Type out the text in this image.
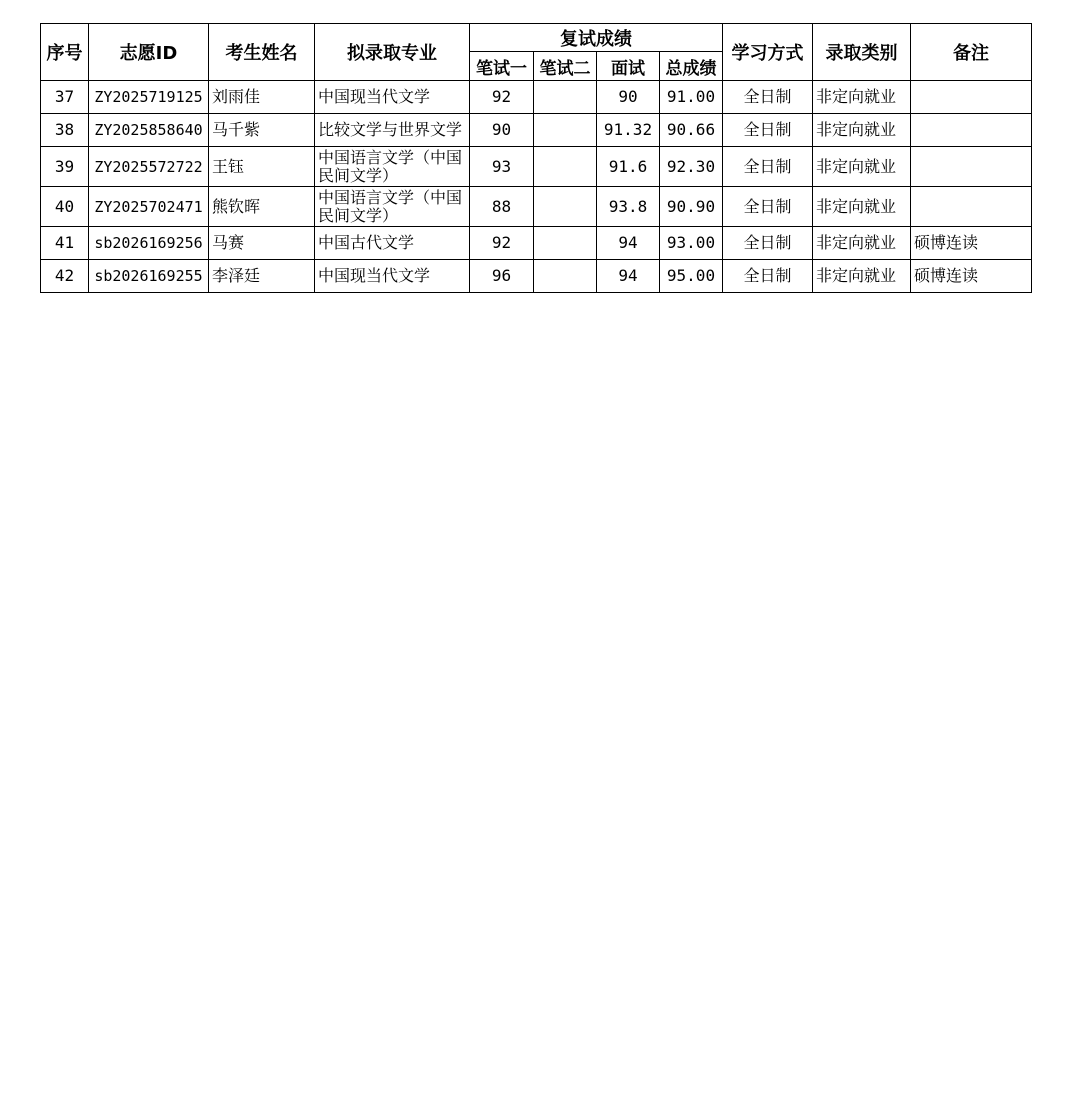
序号	志愿ID	考生姓名	拟录取专业	复试成绩				学习方式	录取类别	备注
				笔试一	笔试二	面试	总成绩			
37	ZY2025719125	刘雨佳	中国现当代文学	92		90	91.00	全日制	非定向就业	
38	ZY2025858640	马千紫	比较文学与世界文学	90		91.32	90.66	全日制	非定向就业	
39	ZY2025572722	王钰	中国语言文学（中国民间文学）	93		91.6	92.30	全日制	非定向就业	
40	ZY2025702471	熊钦晖	中国语言文学（中国民间文学）	88		93.8	90.90	全日制	非定向就业	
41	sb2026169256	马赛	中国古代文学	92		94	93.00	全日制	非定向就业	硕博连读
42	sb2026169255	李泽廷	中国现当代文学	96		94	95.00	全日制	非定向就业	硕博连读
